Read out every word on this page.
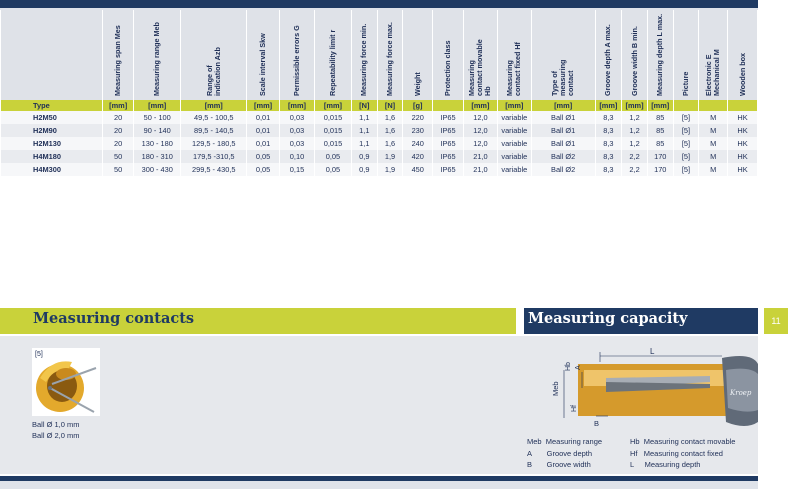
	Measuring span Mes	Measuring range Meb	Range of indication Azb	Scale interval Skw	Permissible errors G	Repeatability limit r	Measuring force min.	Measuring force max.	Weight	Protection class	Measuring contact movable Hb	Measuring contact fixed Hf	Type of measuring contact	Groove depth A max.	Groove width B min.	Measuring depth L max.	Picture	Electronic E Mechanical M	Wooden box

Type	[mm]	[mm]	[mm]	[mm]	[mm]	[mm]	[N]	[N]	[g]		[mm]	[mm]	[mm]	[mm]	[mm]	[mm]			
H2M50	20	50 - 100	49,5 - 100,5	0,01	0,03	0,015	1,1	1,6	220	IP65	12,0	variable	Ball Ø1	8,3	1,2	85	[5]	M	HK
H2M90	20	90 - 140	89,5 - 140,5	0,01	0,03	0,015	1,1	1,6	230	IP65	12,0	variable	Ball Ø1	8,3	1,2	85	[5]	M	HK
H2M130	20	130 - 180	129,5 - 180,5	0,01	0,03	0,015	1,1	1,6	240	IP65	12,0	variable	Ball Ø1	8,3	1,2	85	[5]	M	HK
H4M180	50	180 - 310	179,5 -310,5	0,05	0,10	0,05	0,9	1,9	420	IP65	21,0	variable	Ball Ø2	8,3	2,2	170	[5]	M	HK
H4M300	50	300 - 430	299,5 - 430,5	0,05	0,15	0,05	0,9	1,9	450	IP65	21,0	variable	Ball Ø2	8,3	2,2	170	[5]	M	HK
Measuring contacts	Measuring capacity	11
[5]
Ball Ø 1,0 mm
Ball Ø 2,0 mm
Kroep
L
Hb A
Meb
Hf
B
Meb Measuring range
A Groove depth
B Groove width
Hb Measuring contact movable
Hf Measuring contact fixed
L Measuring depth
